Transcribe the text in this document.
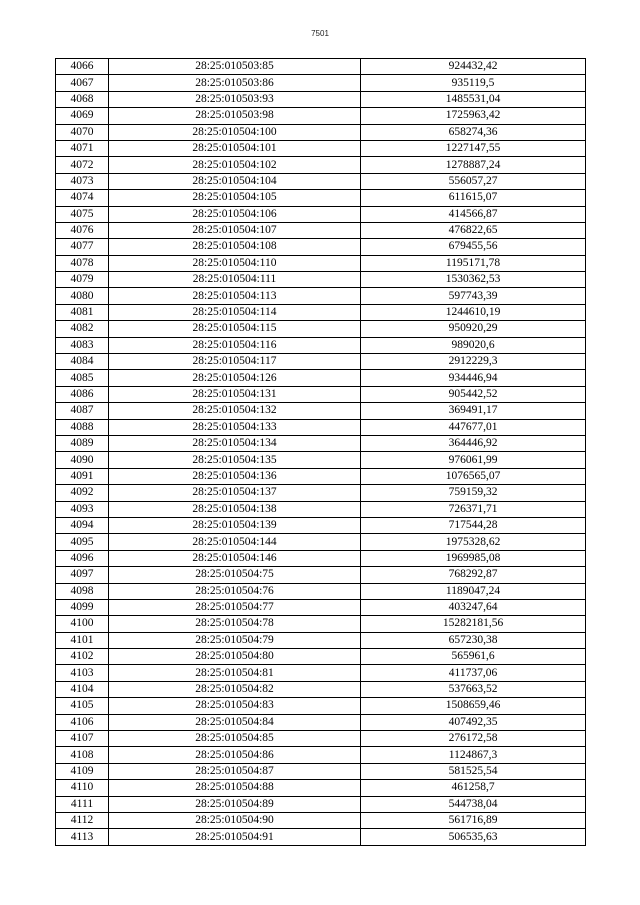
7501
4066	28:25:010503:85	924432,42
4067	28:25:010503:86	935119,5
4068	28:25:010503:93	1485531,04
4069	28:25:010503:98	1725963,42
4070	28:25:010504:100	658274,36
4071	28:25:010504:101	1227147,55
4072	28:25:010504:102	1278887,24
4073	28:25:010504:104	556057,27
4074	28:25:010504:105	611615,07
4075	28:25:010504:106	414566,87
4076	28:25:010504:107	476822,65
4077	28:25:010504:108	679455,56
4078	28:25:010504:110	1195171,78
4079	28:25:010504:111	1530362,53
4080	28:25:010504:113	597743,39
4081	28:25:010504:114	1244610,19
4082	28:25:010504:115	950920,29
4083	28:25:010504:116	989020,6
4084	28:25:010504:117	2912229,3
4085	28:25:010504:126	934446,94
4086	28:25:010504:131	905442,52
4087	28:25:010504:132	369491,17
4088	28:25:010504:133	447677,01
4089	28:25:010504:134	364446,92
4090	28:25:010504:135	976061,99
4091	28:25:010504:136	1076565,07
4092	28:25:010504:137	759159,32
4093	28:25:010504:138	726371,71
4094	28:25:010504:139	717544,28
4095	28:25:010504:144	1975328,62
4096	28:25:010504:146	1969985,08
4097	28:25:010504:75	768292,87
4098	28:25:010504:76	1189047,24
4099	28:25:010504:77	403247,64
4100	28:25:010504:78	15282181,56
4101	28:25:010504:79	657230,38
4102	28:25:010504:80	565961,6
4103	28:25:010504:81	411737,06
4104	28:25:010504:82	537663,52
4105	28:25:010504:83	1508659,46
4106	28:25:010504:84	407492,35
4107	28:25:010504:85	276172,58
4108	28:25:010504:86	1124867,3
4109	28:25:010504:87	581525,54
4110	28:25:010504:88	461258,7
4111	28:25:010504:89	544738,04
4112	28:25:010504:90	561716,89
4113	28:25:010504:91	506535,63
